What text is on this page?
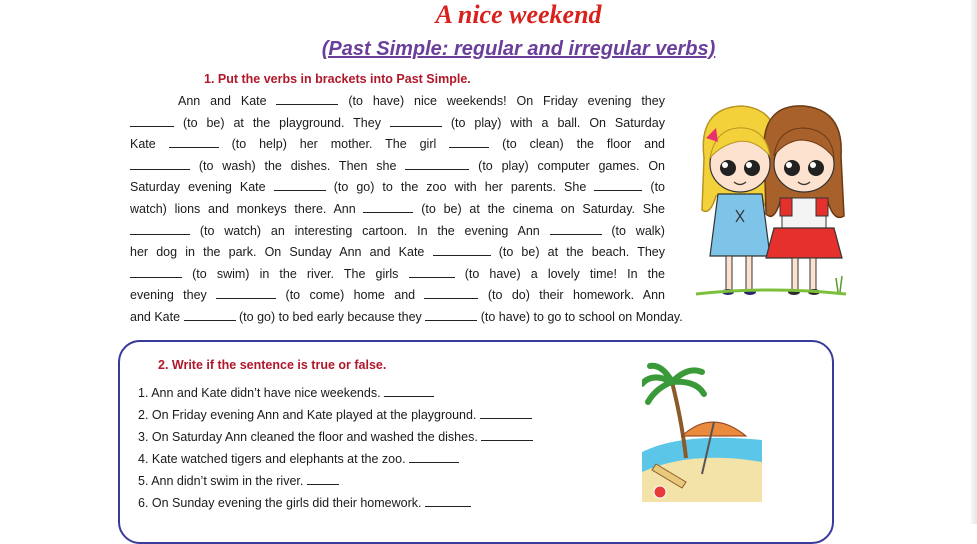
A nice weekend
(Past Simple: regular and irregular verbs)
1. Put the verbs in brackets into Past Simple.
Ann and Kate	(to have) nice weekends! On Friday evening they
(to be) at the playground. They	(to play) with a ball. On Saturday
Kate	(to help) her mother. The girl	(to clean) the floor and
(to wash) the dishes. Then she	(to play) computer games. On
Saturday evening Kate	(to go) to the zoo with her parents. She	(to
watch) lions and monkeys there. Ann	(to be) at the cinema on Saturday. She
(to watch) an interesting cartoon. In the evening Ann	(to walk)
her dog in the park. On Sunday Ann and Kate	(to be) at the beach. They
(to swim) in the river. The girls	(to have) a lovely time! In the
evening they	(to come) home and	(to do) their homework. Ann
and Kate	(to go) to bed early because they	(to have) to go to school on Monday.
2. Write if the sentence is true or false.
1. Ann and Kate didn’t have nice weekends.
2. On Friday evening Ann and Kate played at the playground.
3. On Saturday Ann cleaned the floor and washed the dishes.
4. Kate watched tigers and elephants at the zoo.
5. Ann didn’t swim in the river.
6. On Sunday evening the girls did their homework.
